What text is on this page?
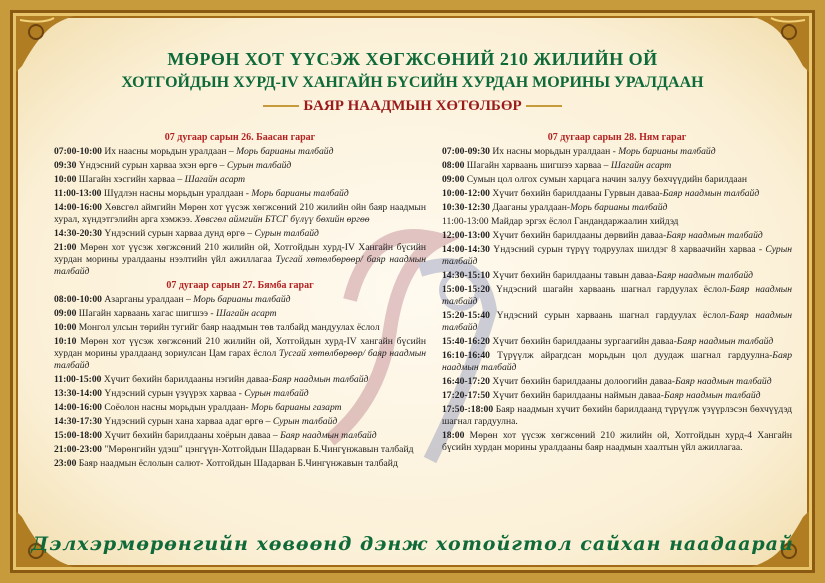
МӨРӨН ХОТ ҮҮСЭЖ ХӨГЖСӨНИЙ 210 ЖИЛИЙН ОЙ
ХОТГОЙДЫН ХУРД-IV ХАНГАЙН БҮСИЙН ХУРДАН МОРИНЫ УРАЛДААН
БАЯР НААДМЫН ХӨТӨЛБӨР
07 дугаар сарын 26. Баасан гараг
07:00-10:00 Их наасны морьдын уралдаан – Морь барианы талбайд
09:30 Үндэсний сурын харваа эхэн өргө – Сурын талбайд
10:00 Шагайн хэсгийн харваа – Шагайн асарт
11:00-13:00 Шүдлэн насны морьдын уралдаан - Морь барианы талбайд
14:00-16:00 Хөвсгөл аймгийн Мөрөн хот үүсэж хөгжсөний 210 жилийн ойн баяр наадмын хурал, хүндэтгэлийн арга хэмжээ. Хөвсгөл аймгийн БТСГ бүлүү бөхийн өргөө
14:30-20:30 Үндэсний сурын харваа дунд өргө – Сурын талбайд
21:00 Мөрөн хот үүсэж хөгжсөний 210 жилийн ой, Хотгойдын хурд-IV Хангайн бүсийн хурдан морины уралдааны нээлтийн үйл ажиллагаа Тусгай хөтөлбөрөөр/ баяр наадмын талбайд
07 дугаар сарын 27. Бямба гараг
08:00-10:00 Азарганы уралдаан – Морь барианы талбайд
09:00 Шагайн харваань хагас шигшээ - Шагайн асарт
10:00 Монгол улсын төрийн тугийг баяр наадмын төв талбайд мандуулах ёслол
10:10 Мөрөн хот үүсэж хөгжсөний 210 жилийн ой, Хотгойдын хурд-IV хангайн бүсийн хурдан морины уралдаанд зориулсан Цам гарах ёслол Тусгай хөтөлбөрөөр/ баяр наадмын талбайд
11:00-15:00 Хүчит бөхийн барилдааны нэгийн даваа-Баяр наадмын талбайд
13:30-14:00 Үндэсний сурын үзүүрэх харваа - Сурын талбайд
14:00-16:00 Соёолон насны морьдын уралдаан- Морь барианы газарт
14:30-17:30 Үндэсний сурын хана харваа адаг өргө – Сурын талбайд
15:00-18:00 Хүчит бөхийн барилдааны хоёрын даваа – Баяр наадмын талбайд
21:00-23:00 "Мөрөнгийн удэш" цэнгүүн-Хотгойдын Шадарван Б.Чингүнжавын талбайд
23:00 Баяр наадмын ёслолын салют- Хотгойдын Шадарван Б.Чингүнжавын талбайд
07 дугаар сарын 28. Ням гараг
07:00-09:30 Их насны морьдын уралдаан - Морь барианы талбайд
08:00 Шагайн харваань шигшээ харваа – Шагайн асарт
09:00 Сумын цол олгох сумын харцага начин залуу бөхчүүдийн барилдаан
10:00-12:00 Хүчит бөхийн барилдааны Гурвын даваа-Баяр наадмын талбайд
10:30-12:30 Дааганы уралдаан-Морь барианы талбайд
11:00-13:00 Майдар эргэх ёслол Гандандаржаалин хийдэд
12:00-13:00 Хүчит бөхийн барилдааны дөрвийн даваа-Баяр наадмын талбайд
14:00-14:30 Үндэсний сурын түрүү тодруулах шилдэг 8 харваачийн харваа - Сурын талбайд
14:30-15:10 Хүчит бөхийн барилдааны тавын даваа-Баяр наадмын талбайд
15:00-15:20 Үндэсний шагайн харваань шагнал гардуулах ёслол-Баяр наадмын талбайд
15:20-15:40 Үндэсний сурын харваань шагнал гардуулах ёслол-Баяр наадмын талбайд
15:40-16:20 Хүчит бөхийн барилдааны зургаагийн даваа-Баяр наадмын талбайд
16:10-16:40 Түрүүлж айрагдсан морьдын цол дуудаж шагнал гардуулна-Баяр наадмын талбайд
16:40-17:20 Хүчит бөхийн барилдааны долоогийн даваа-Баяр наадмын талбайд
17:20-17:50 Хүчит бөхийн барилдааны наймын даваа-Баяр наадмын талбайд
17:50-:18:00 Баяр наадмын хүчит бөхийн барилдаанд түрүүлж үзүүрлэсэн бөхчүүдэд шагнал гардуулна.
18:00 Мөрөн хот үүсэж хөгжсөний 210 жилийн ой, Хотгойдын хурд-4 Хангайн бүсийн хурдан морины уралдааны баяр наадмын хаалтын үйл ажиллагаа.
Дэлхэрмөрөнгийн хөвөөнд дэнж хотойгтол сайхан наадаарай
